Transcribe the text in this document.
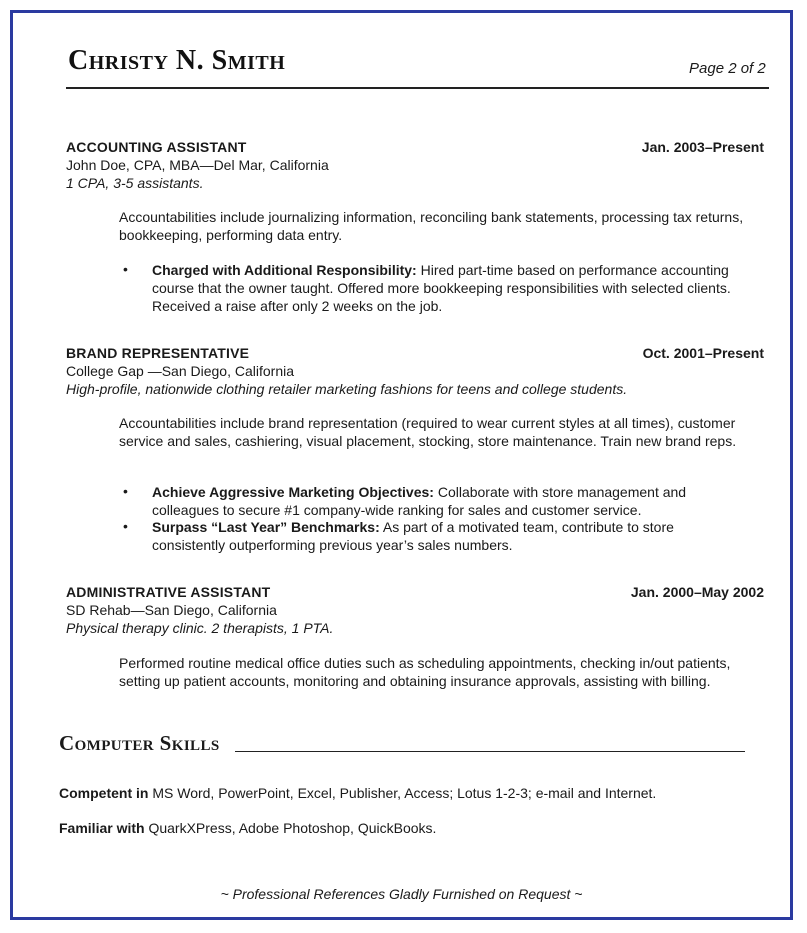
Christy N. Smith	Page 2 of 2
ACCOUNTING ASSISTANT	Jan. 2003–Present
John Doe, CPA, MBA—Del Mar, California
1 CPA, 3-5 assistants.
Accountabilities include journalizing information, reconciling bank statements, processing tax returns, bookkeeping, performing data entry.
• Charged with Additional Responsibility: Hired part-time based on performance accounting course that the owner taught. Offered more bookkeeping responsibilities with selected clients. Received a raise after only 2 weeks on the job.
BRAND REPRESENTATIVE	Oct. 2001–Present
College Gap —San Diego, California
High-profile, nationwide clothing retailer marketing fashions for teens and college students.
Accountabilities include brand representation (required to wear current styles at all times), customer service and sales, cashiering, visual placement, stocking, store maintenance. Train new brand reps.
• Achieve Aggressive Marketing Objectives: Collaborate with store management and colleagues to secure #1 company-wide ranking for sales and customer service.
• Surpass “Last Year” Benchmarks: As part of a motivated team, contribute to store consistently outperforming previous year’s sales numbers.
ADMINISTRATIVE ASSISTANT	Jan. 2000–May 2002
SD Rehab—San Diego, California
Physical therapy clinic. 2 therapists, 1 PTA.
Performed routine medical office duties such as scheduling appointments, checking in/out patients, setting up patient accounts, monitoring and obtaining insurance approvals, assisting with billing.
Computer Skills
Competent in MS Word, PowerPoint, Excel, Publisher, Access; Lotus 1-2-3; e-mail and Internet.
Familiar with QuarkXPress, Adobe Photoshop, QuickBooks.
~ Professional References Gladly Furnished on Request ~
